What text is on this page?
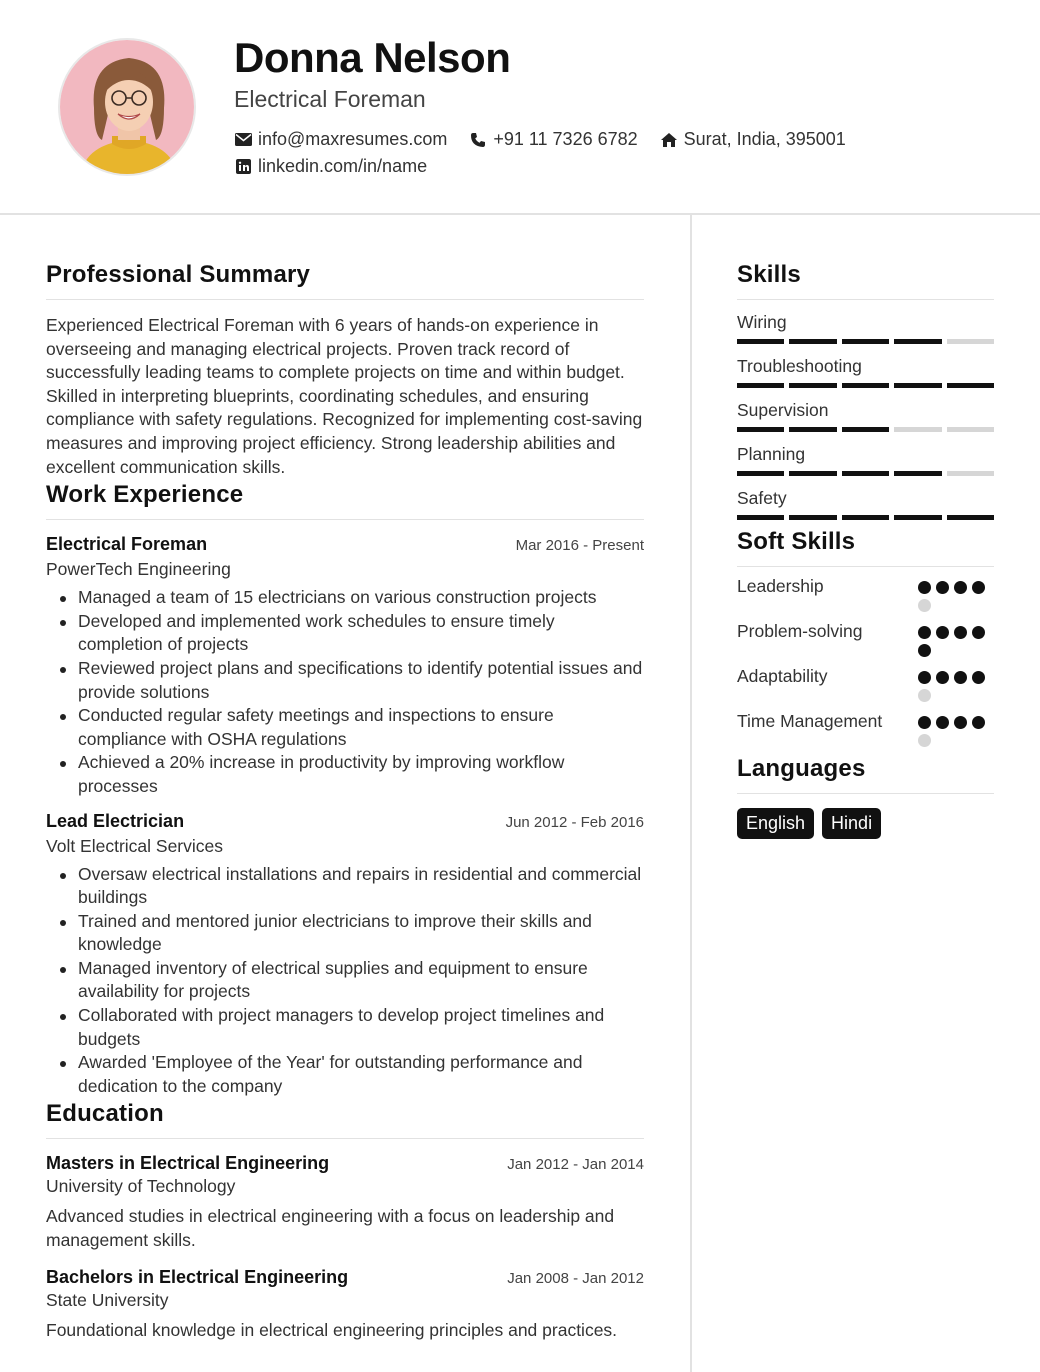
Donna Nelson
Electrical Foreman
info@maxresumes.com	+91 11 7326 6782	Surat, India, 395001
linkedin.com/in/name
Professional Summary
Experienced Electrical Foreman with 6 years of hands-on experience in overseeing and managing electrical projects. Proven track record of successfully leading teams to complete projects on time and within budget. Skilled in interpreting blueprints, coordinating schedules, and ensuring compliance with safety regulations. Recognized for implementing cost-saving measures and improving project efficiency. Strong leadership abilities and excellent communication skills.
Work Experience
Electrical Foreman	Mar 2016 - Present
PowerTech Engineering
Managed a team of 15 electricians on various construction projects
Developed and implemented work schedules to ensure timely completion of projects
Reviewed project plans and specifications to identify potential issues and provide solutions
Conducted regular safety meetings and inspections to ensure compliance with OSHA regulations
Achieved a 20% increase in productivity by improving workflow processes
Lead Electrician	Jun 2012 - Feb 2016
Volt Electrical Services
Oversaw electrical installations and repairs in residential and commercial buildings
Trained and mentored junior electricians to improve their skills and knowledge
Managed inventory of electrical supplies and equipment to ensure availability for projects
Collaborated with project managers to develop project timelines and budgets
Awarded 'Employee of the Year' for outstanding performance and dedication to the company
Education
Masters in Electrical Engineering	Jan 2012 - Jan 2014
University of Technology
Advanced studies in electrical engineering with a focus on leadership and management skills.
Bachelors in Electrical Engineering	Jan 2008 - Jan 2012
State University
Foundational knowledge in electrical engineering principles and practices.
Skills
Wiring
Troubleshooting
Supervision
Planning
Safety
Soft Skills
Leadership
Problem-solving
Adaptability
Time Management
Languages
English	Hindi
